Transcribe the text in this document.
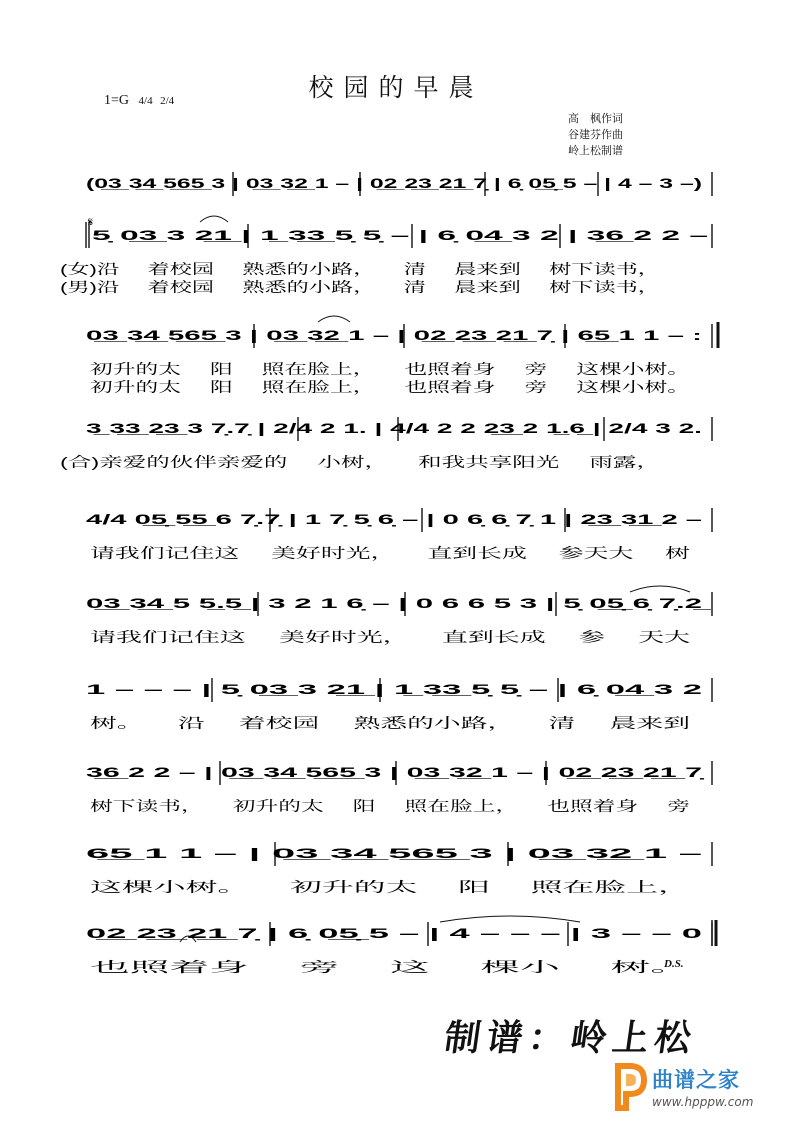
校园的早晨
1=G 4/4 2/4
高　枫作词
谷建芬作曲
岭上松制谱
(0̲3̲ 3̲4̲ 5̲6̲5̲ 3 | 0̲3̲ 3̲2̲ 1 – | 0̲2̲ 2̲3̲ 2̲1̲ 7̣ | 6̣ 0̲5̲̣ 5 – | 4 – 3 –)
5̣ 0̲3̲ 3 2̲1̲ | 1̲ 3̲3̲ 5̣ 5̣ – | 6̣ 0̲4̲ 3 2 | 3̲6̲ 2 2 –
(女)沿 　着校园 　熟悉的小路， 　清 　晨来到 　树下读书，
(男)沿 　着校园 　熟悉的小路， 　清 　晨来到 　树下读书，
0̲3̲ 3̲4̲ 5̲6̲5̲ 3 | 0̲3̲ 3̲2̲ 1 – | 0̲2̲ 2̲3̲ 2̲1̲ 7̣ | 6̲5̲ 1 1 – :
初升的太 　阳 　照在脸上， 　也照着身 　旁 　这棵小树。
初升的太 　阳 　照在脸上， 　也照着身 　旁 　这棵小树。
3̲ 3̲3̲ 2̲3̲ 3 7̣.7̣ | 2/4 2 1. | 4/4 2 2 2̲3̲ 2 1̲.6̲ | 2/4 3 2.
(合)亲爱的伙伴亲爱的 　小树， 　和我共享阳光 　雨露，
4/4 0̲5̲̣ 5̲5̲ 6 7̣.7̣ | 1 7̣ 5̣ 6̣ – | 0 6̣ 6̣ 7̣ 1 | 2̲3̲ 3̲1̲ 2 –
请我们记住这 　美好时光， 　直到长成 　参天大 　树
0̲3̲ 3̲4̲ 5 5̲.5̲ | 3 2 1 6̣ – | 0 6 6 5 3 | 5̣ 0̲5̲̣ 6̣ 7̣.2̲
请我们记住这 　美好时光， 　直到长成 　参 　天大
1 – – – | 5̣ 0̲3̲ 3 2̲1̲ | 1̲ 3̲3̲ 5̣ 5̣ – | 6̣ 0̲4̲ 3 2
树。 　沿 　着校园 　熟悉的小路， 　清 　晨来到
3̲6̲ 2 2 – | 0̲3̲ 3̲4̲ 5̲6̲5̲ 3 | 0̲3̲ 3̲2̲ 1 – | 0̲2̲ 2̲3̲ 2̲1̲ 7̣
树下读书， 　初升的太 　阳 　照在脸上， 　也照着身 　旁
6̲5̲ 1 1 – | 0̲3̲ 3̲4̲ 5̲6̲5̲ 3 | 0̲3̲ 3̲2̲ 1 –
这棵小树。 　初升的太 　阳 　照在脸上，
0̲2̲ 2̲3̲ 2̲1̲ 7̣ | 6̣ 0̲5̲̣ 5 – | 4 – – – | 3 – – 0
也照着身 　旁 　这 　棵小 　树。
𝄋
D.S.
制谱：岭上松
曲谱之家
www.hpppw.com
